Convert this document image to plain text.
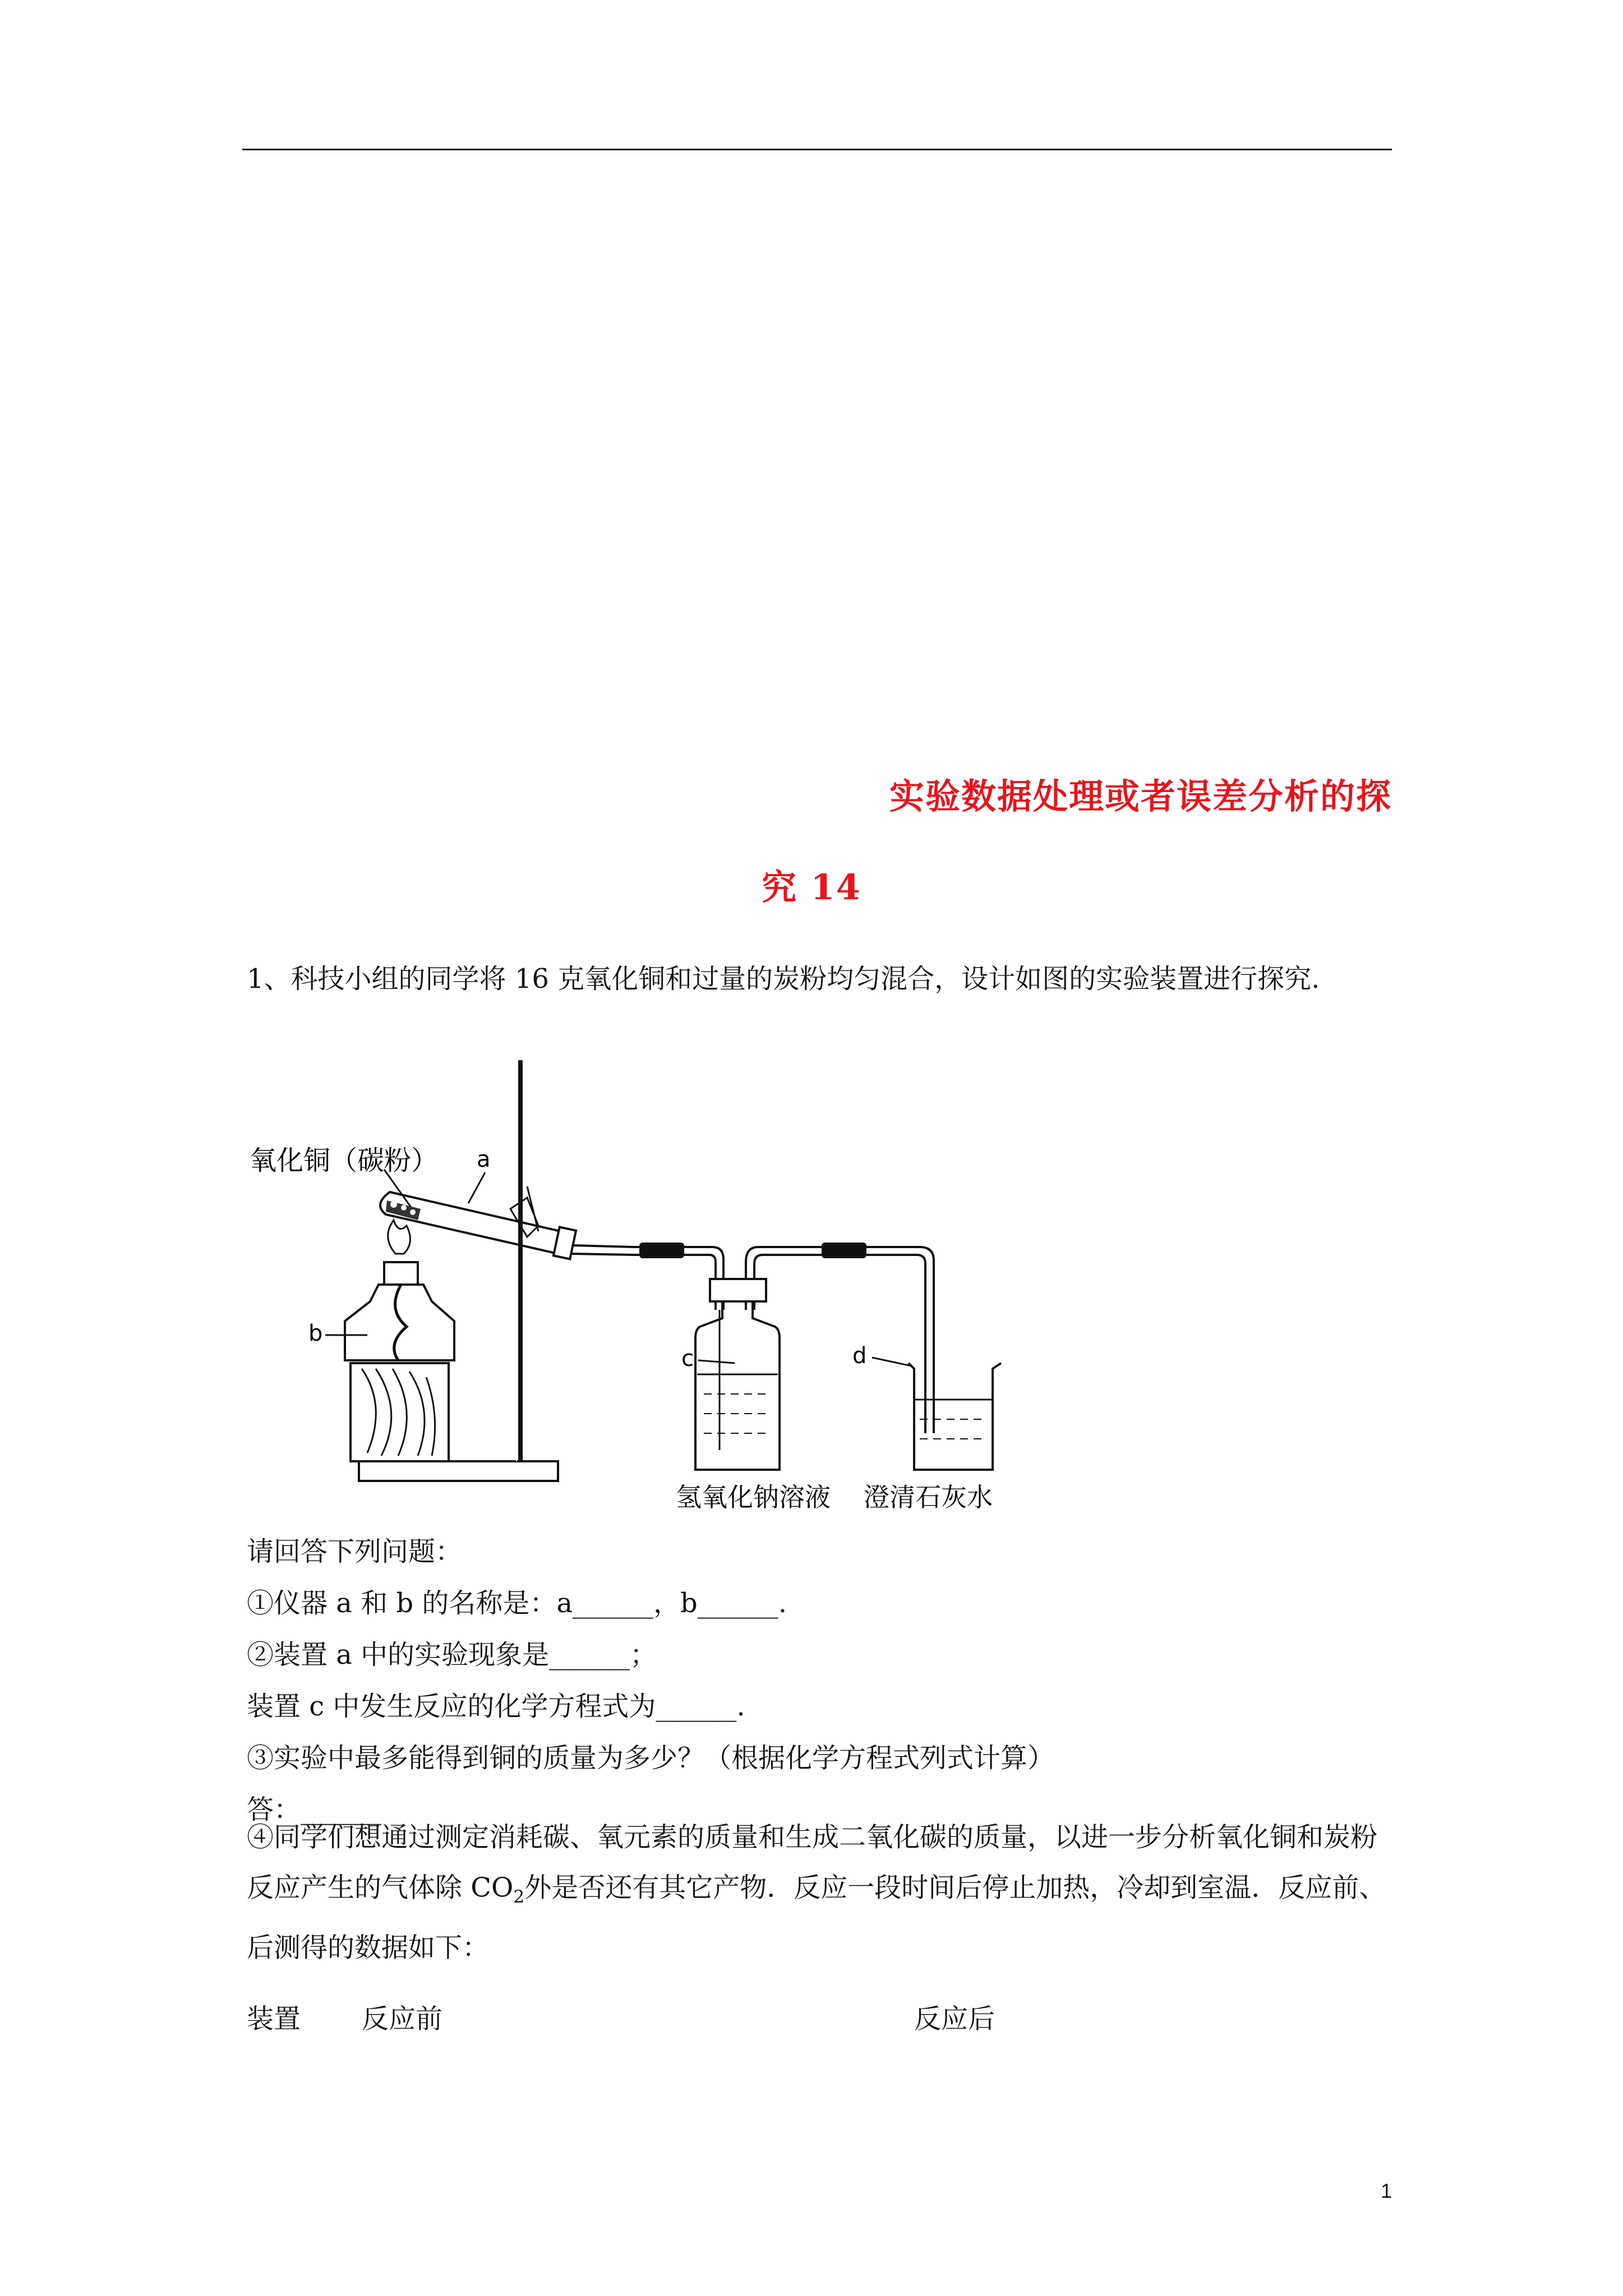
实验数据处理或者误差分析的探
究 14
1、科技小组的同学将 16 克氧化铜和过量的炭粉均匀混合，设计如图的实验装置进行探究.
氧化铜（碳粉） a
b
c	d
氢氧化钠溶液 澄清石灰水
请回答下列问题：
①仪器 a 和 b 的名称是：a______，b______.
②装置 a 中的实验现象是______；
装置 c 中发生反应的化学方程式为______.
③实验中最多能得到铜的质量为多少？（根据化学方程式列式计算）
答：______
④同学们想通过测定消耗碳、氧元素的质量和生成二氧化碳的质量，以进一步分析氧化铜和炭粉反应产生的气体除 $CO_2$外是否还有其它产物．反应一段时间后停止加热，冷却到室温．反应前、后测得的数据如下：
装置 反应前	反应后
1
